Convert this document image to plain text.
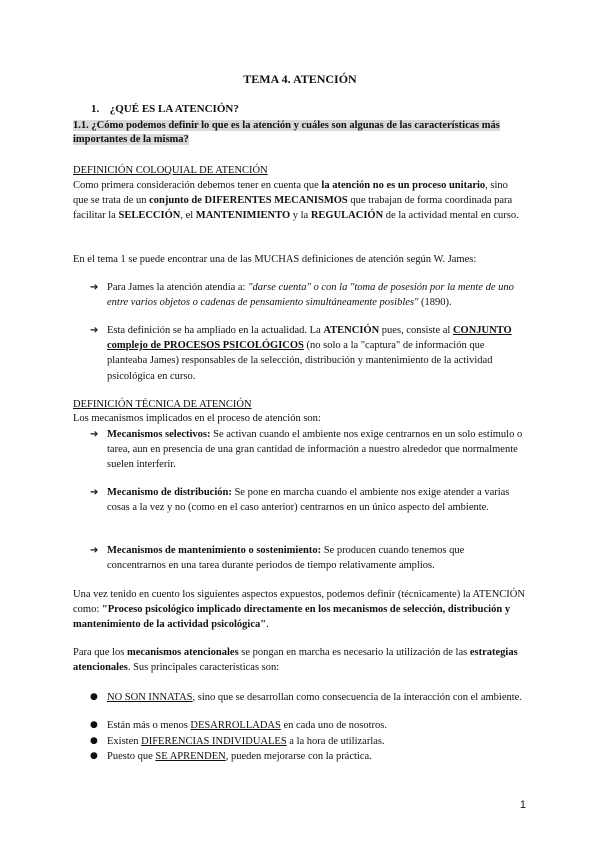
TEMA 4. ATENCIÓN
1. ¿QUÉ ES LA ATENCIÓN?
1.1. ¿Cómo podemos definir lo que es la atención y cuáles son algunas de las características más importantes de la misma?
DEFINICIÓN COLOQUIAL DE ATENCIÓN
Como primera consideración debemos tener en cuenta que la atención no es un proceso unitario, sino que se trata de un conjunto de DIFERENTES MECANISMOS que trabajan de forma coordinada para facilitar la SELECCIÓN, el MANTENIMIENTO y la REGULACIÓN de la actividad mental en curso.
En el tema 1 se puede encontrar una de las MUCHAS definiciones de atención según W. James:
➔ Para James la atención atendía a: "darse cuenta" o con la "toma de posesión por la mente de uno entre varios objetos o cadenas de pensamiento simultáneamente posibles" (1890).
➔ Esta definición se ha ampliado en la actualidad. La ATENCIÓN pues, consiste al CONJUNTO complejo de PROCESOS PSICOLÓGICOS (no solo a la "captura" de información que planteaba James) responsables de la selección, distribución y mantenimiento de la actividad psicológica en curso.
DEFINICIÓN TÉCNICA DE ATENCIÓN
Los mecanismos implicados en el proceso de atención son:
➔ Mecanismos selectivos: Se activan cuando el ambiente nos exige centrarnos en un solo estímulo o tarea, aun en presencia de una gran cantidad de información a nuestro alrededor que normalmente suelen interferir.
➔ Mecanismo de distribución: Se pone en marcha cuando el ambiente nos exige atender a varias cosas a la vez y no (como en el caso anterior) centrarnos en un único aspecto del ambiente.
➔ Mecanismos de mantenimiento o sostenimiento: Se producen cuando tenemos que concentrarnos en una tarea durante periodos de tiempo relativamente amplios.
Una vez tenido en cuento los siguientes aspectos expuestos, podemos definir (técnicamente) la ATENCIÓN como: "Proceso psicológico implicado directamente en los mecanismos de selección, distribución y mantenimiento de la actividad psicológica".
Para que los mecanismos atencionales se pongan en marcha es necesario la utilización de las estrategias atencionales. Sus principales características son:
● NO SON INNATAS, sino que se desarrollan como consecuencia de la interacción con el ambiente.
● Están más o menos DESARROLLADAS en cada uno de nosotros.
● Existen DIFERENCIAS INDIVIDUALES a la hora de utilizarlas.
● Puesto que SE APRENDEN, pueden mejorarse con la práctica.
1
